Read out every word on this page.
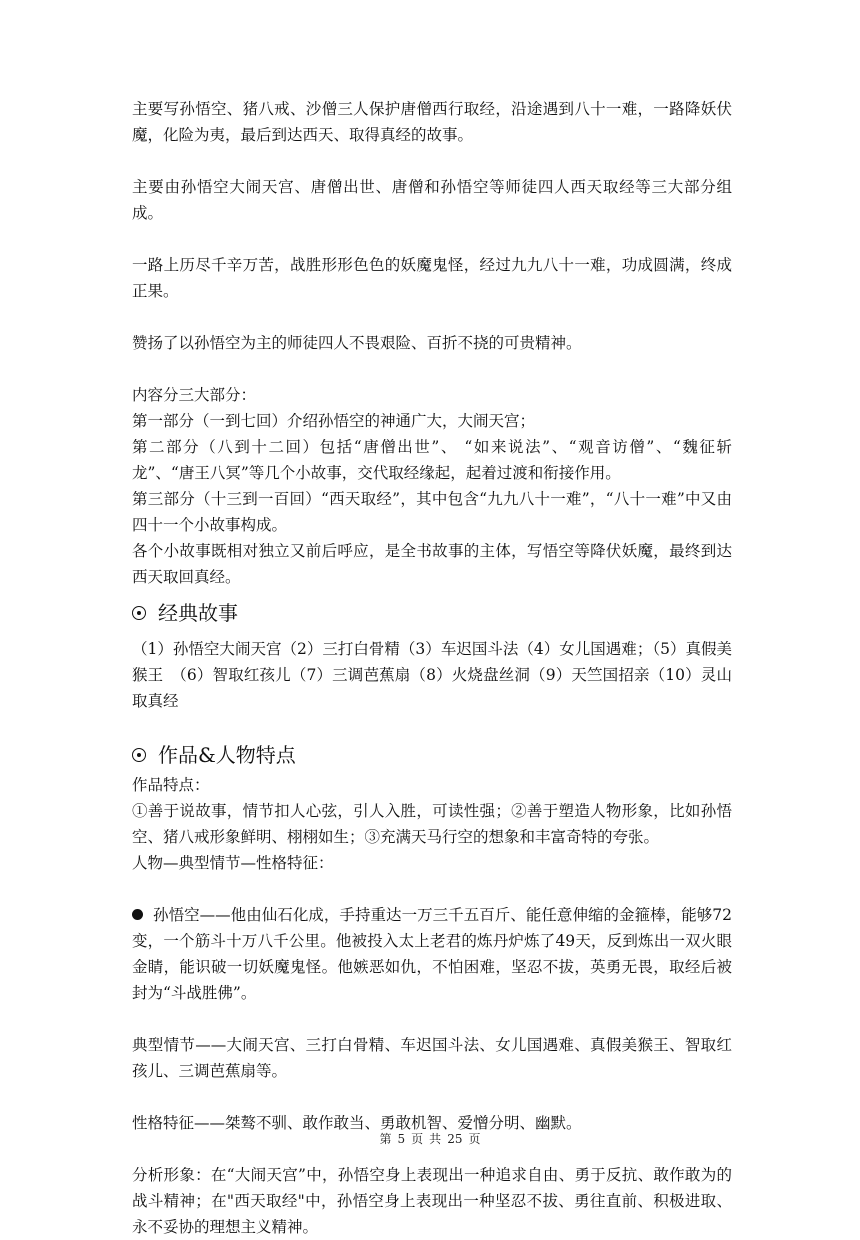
主要写孙悟空、猪八戒、沙僧三人保护唐僧西行取经，沿途遇到八十一难，一路降妖伏魔，化险为夷，最后到达西天、取得真经的故事。

主要由孙悟空大闹天宫、唐僧出世、唐僧和孙悟空等师徒四人西天取经等三大部分组成。

一路上历尽千辛万苦，战胜形形色色的妖魔鬼怪，经过九九八十一难，功成圆满，终成正果。

赞扬了以孙悟空为主的师徒四人不畏艰险、百折不挠的可贵精神。

内容分三大部分：

第一部分（一到七回）介绍孙悟空的神通广大，大闹天宫；

第二部分（八到十二回）包括“唐僧出世”、 “如来说法”、“观音访僧”、“魏征斩龙”、“唐王八冥”等几个小故事，交代取经缘起，起着过渡和衔接作用。

第三部分（十三到一百回）“西天取经”，其中包含“九九八十一难”，“八十一难”中又由四十一个小故事构成。

各个小故事既相对独立又前后呼应，是全书故事的主体，写悟空等降伏妖魔，最终到达西天取回真经。

经典故事

（1）孙悟空大闹天宫（2）三打白骨精（3）车迟国斗法（4）女儿国遇难；（5）真假美猴王　（6）智取红孩儿（7）三调芭蕉扇（8）火烧盘丝洞（9）天竺国招亲（10）灵山取真经

作品&人物特点

作品特点：

①善于说故事，情节扣人心弦，引人入胜，可读性强；②善于塑造人物形象，比如孙悟空、猪八戒形象鲜明、栩栩如生；③充满天马行空的想象和丰富奇特的夸张。

人物—典型情节—性格特征：

孙悟空——他由仙石化成，手持重达一万三千五百斤、能任意伸缩的金箍棒，能够72变，一个筋斗十万八千公里。他被投入太上老君的炼丹炉炼了49天，反到炼出一双火眼金睛，能识破一切妖魔鬼怪。他嫉恶如仇，不怕困难，坚忍不拔，英勇无畏，取经后被封为“斗战胜佛”。

典型情节——大闹天宫、三打白骨精、车迟国斗法、女儿国遇难、真假美猴王、智取红孩儿、三调芭蕉扇等。

性格特征——桀骜不驯、敢作敢当、勇敢机智、爱憎分明、幽默。

分析形象：在“大闹天宫”中，孙悟空身上表现出一种追求自由、勇于反抗、敢作敢为的战斗精神；在"西天取经"中，孙悟空身上表现出一种坚忍不拔、勇往直前、积极进取、永不妥协的理想主义精神。

第 5 页 共 25 页
